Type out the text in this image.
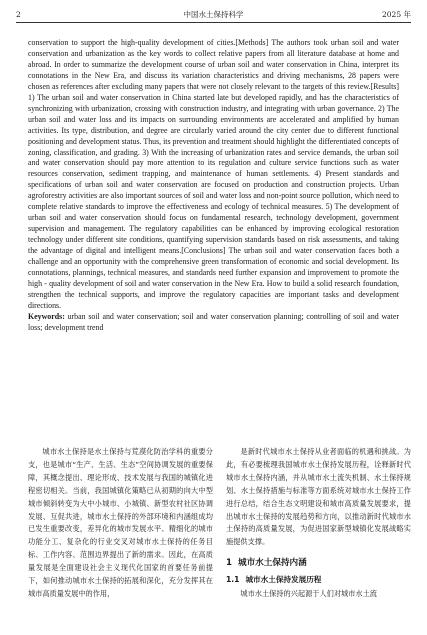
2	中国水土保持科学	2025 年
conservation to support the high-quality development of cities.[Methods] The authors took urban soil and water conservation and urbanization as the key words to collect relative papers from all literature database at home and abroad. In order to summarize the development course of urban soil and water conservation in China, interpret its connotations in the New Era, and discuss its variation characteristics and driving mechanisms, 28 papers were chosen as references after excluding many papers that were not closely relevant to the targets of this review.[Results] 1) The urban soil and water conservation in China started late but developed rapidly, and has the characteristics of synchronizing with urbanization, crossing with construction industry, and integrating with urban governance. 2) The urban soil and water loss and its impacts on surrounding environments are accelerated and amplified by human activities. Its type, distribution, and degree are circularly varied around the city center due to different functional positioning and development status. Thus, its prevention and treatment should highlight the differentiated concepts of zoning, classification, and grading. 3) With the increasing of urbanization rates and service demands, the urban soil and water conservation should pay more attention to its regulation and culture service functions such as water resources conservation, sediment trapping, and maintenance of human settlements. 4) Present standards and specifications of urban soil and water conservation are focused on production and construction projects. Urban agroforestry activities are also important sources of soil and water loss and non-point source pollution, which need to complete relative standards to improve the effectiveness and ecology of technical measures. 5) The development of urban soil and water conservation should focus on fundamental research, technology development, government supervision and management. The regulatory capabilities can be enhanced by improving ecological restoration technology under different site conditions, quantifying supervision standards based on risk assessments, and taking the advantage of digital and intelligent means.[Conclusions] The urban soil and water conservation faces both a challenge and an opportunity with the comprehensive green transformation of economic and social development. Its connotations, plannings, technical measures, and standards need further expansion and improvement to promote the high - quality development of soil and water conservation in the New Era. How to build a solid research foundation, strengthen the technical supports, and improve the regulatory capacities are important tasks and development directions.
Keywords: urban soil and water conservation; soil and water conservation planning; controlling of soil and water loss; development trend

城市水土保持是水土保持与荒漠化防治学科的重要分支，也是城市“生产、生活、生态”空间协调发展的重要保障，其概念提出、理论形成、技术发展与我国的城镇化进程密切相关。当前，我国城镇化策略已从初期的向大中型城市倾斜转变为大中小城市、小城镇、新型农村社区协调发展、互促共进，城市水土保持的外部环境和内涵组成均已发生重要改变，差异化的城市发展水平、精细化的城市功能分工、复杂化的行业交叉对城市水土保持的任务目标、工作内容、范围边界提出了新的需求。因此，在高质量发展是全面建设社会主义现代化国家的首要任务前提下，如何推动城市水土保持的拓展和深化，充分发挥其在城市高质量发展中的作用，

是新时代城市水土保持从业者面临的机遇和挑战。为此，有必要梳理我国城市水土保持发展历程，诠释新时代城市水土保持内涵，并从城市水土流失机制、水土保持规划、水土保持措施与标准等方面系统对城市水土保持工作进行总结，结合生态文明建设和城市高质量发展要求，提出城市水土保持的发展趋势和方向，以推动新时代城市水土保持的高质量发展，为促进国家新型城镇化发展战略实施提供支撑。

1 城市水土保持内涵
1.1 城市水土保持发展历程

城市水土保持的兴起源于人们对城市水土流
